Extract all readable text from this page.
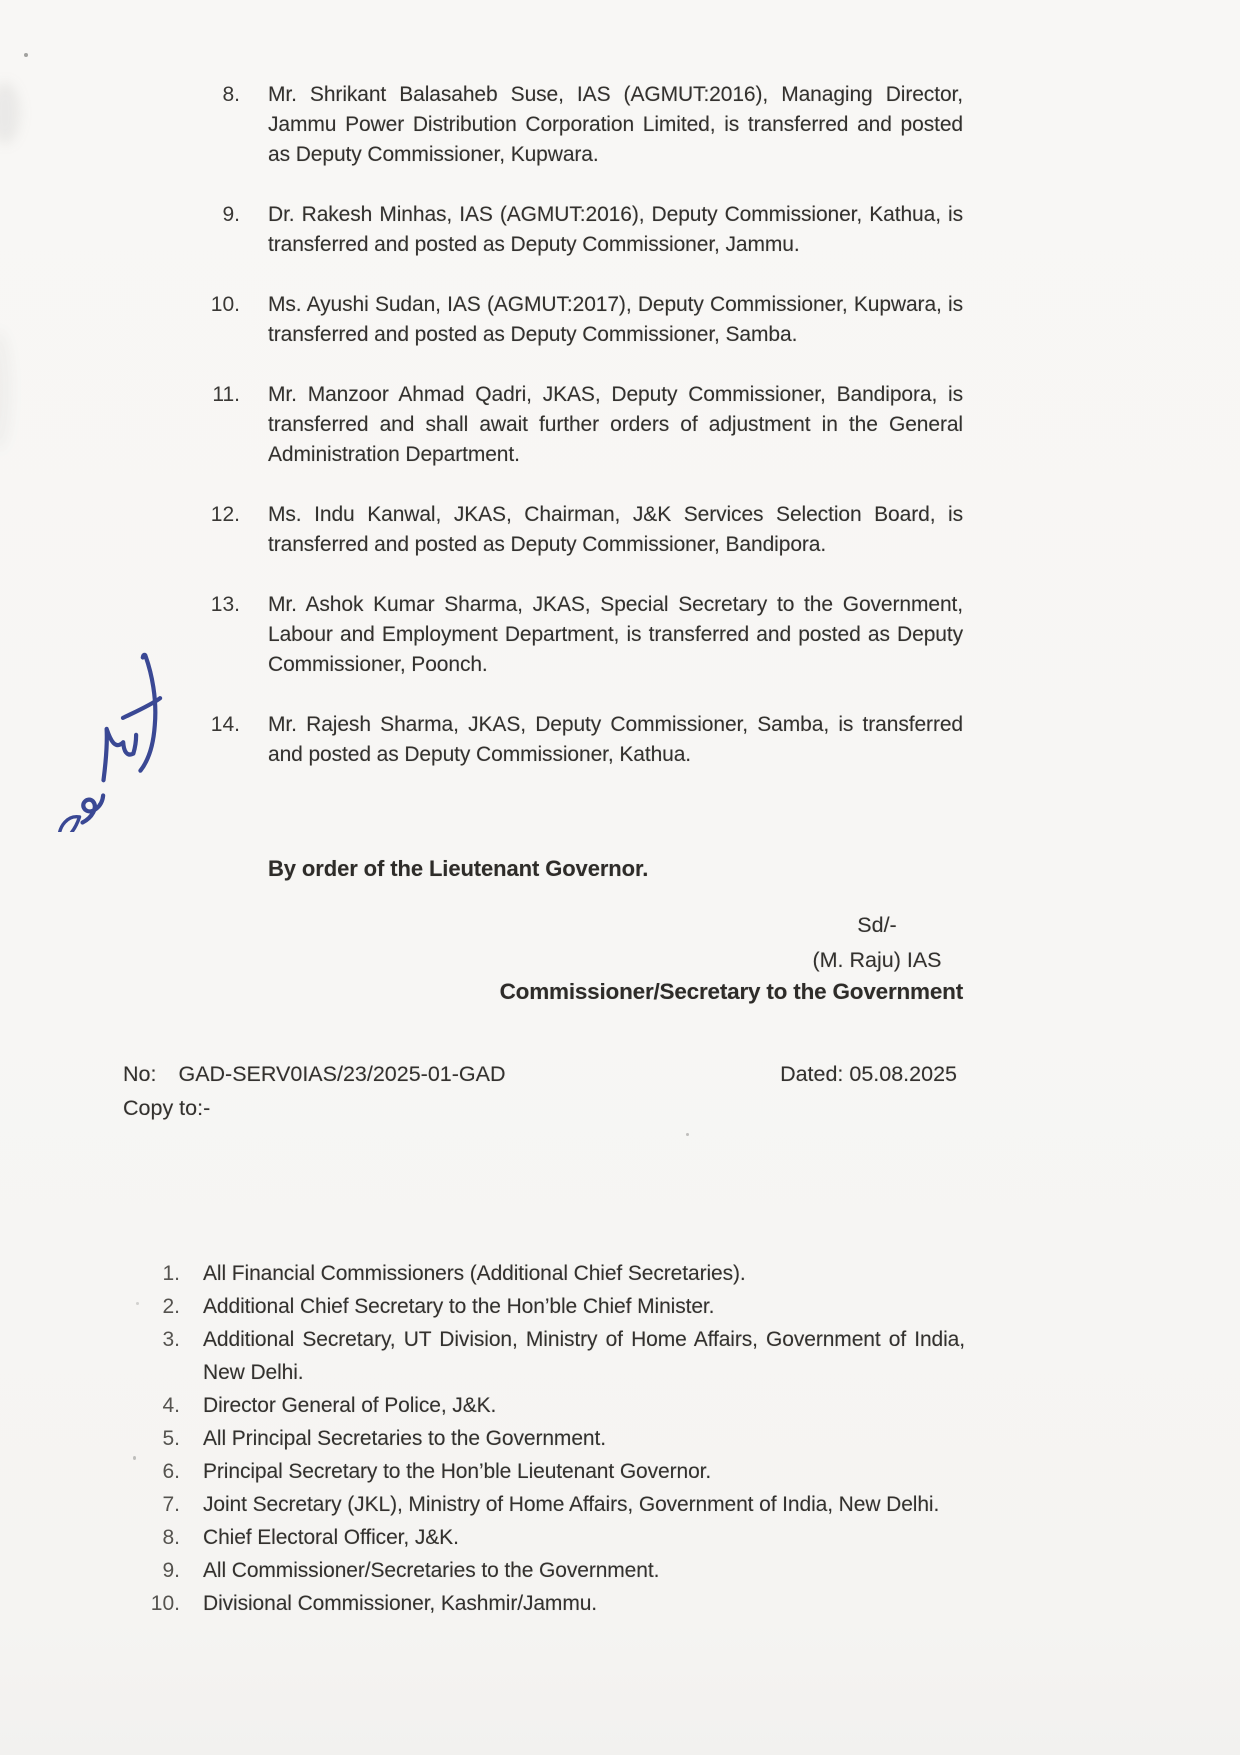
8. Mr. Shrikant Balasaheb Suse, IAS (AGMUT:2016), Managing Director, Jammu Power Distribution Corporation Limited, is transferred and posted as Deputy Commissioner, Kupwara.
9. Dr. Rakesh Minhas, IAS (AGMUT:2016), Deputy Commissioner, Kathua, is transferred and posted as Deputy Commissioner, Jammu.
10. Ms. Ayushi Sudan, IAS (AGMUT:2017), Deputy Commissioner, Kupwara, is transferred and posted as Deputy Commissioner, Samba.
11. Mr. Manzoor Ahmad Qadri, JKAS, Deputy Commissioner, Bandipora, is transferred and shall await further orders of adjustment in the General Administration Department.
12. Ms. Indu Kanwal, JKAS, Chairman, J&K Services Selection Board, is transferred and posted as Deputy Commissioner, Bandipora.
13. Mr. Ashok Kumar Sharma, JKAS, Special Secretary to the Government, Labour and Employment Department, is transferred and posted as Deputy Commissioner, Poonch.
14. Mr. Rajesh Sharma, JKAS, Deputy Commissioner, Samba, is transferred and posted as Deputy Commissioner, Kathua.
By order of the Lieutenant Governor.
Sd/-
(M. Raju) IAS
Commissioner/Secretary to the Government
No: GAD-SERV0IAS/23/2025-01-GAD	Dated: 05.08.2025
Copy to:-
1. All Financial Commissioners (Additional Chief Secretaries).
2. Additional Chief Secretary to the Hon’ble Chief Minister.
3. Additional Secretary, UT Division, Ministry of Home Affairs, Government of India, New Delhi.
4. Director General of Police, J&K.
5. All Principal Secretaries to the Government.
6. Principal Secretary to the Hon’ble Lieutenant Governor.
7. Joint Secretary (JKL), Ministry of Home Affairs, Government of India, New Delhi.
8. Chief Electoral Officer, J&K.
9. All Commissioner/Secretaries to the Government.
10. Divisional Commissioner, Kashmir/Jammu.
